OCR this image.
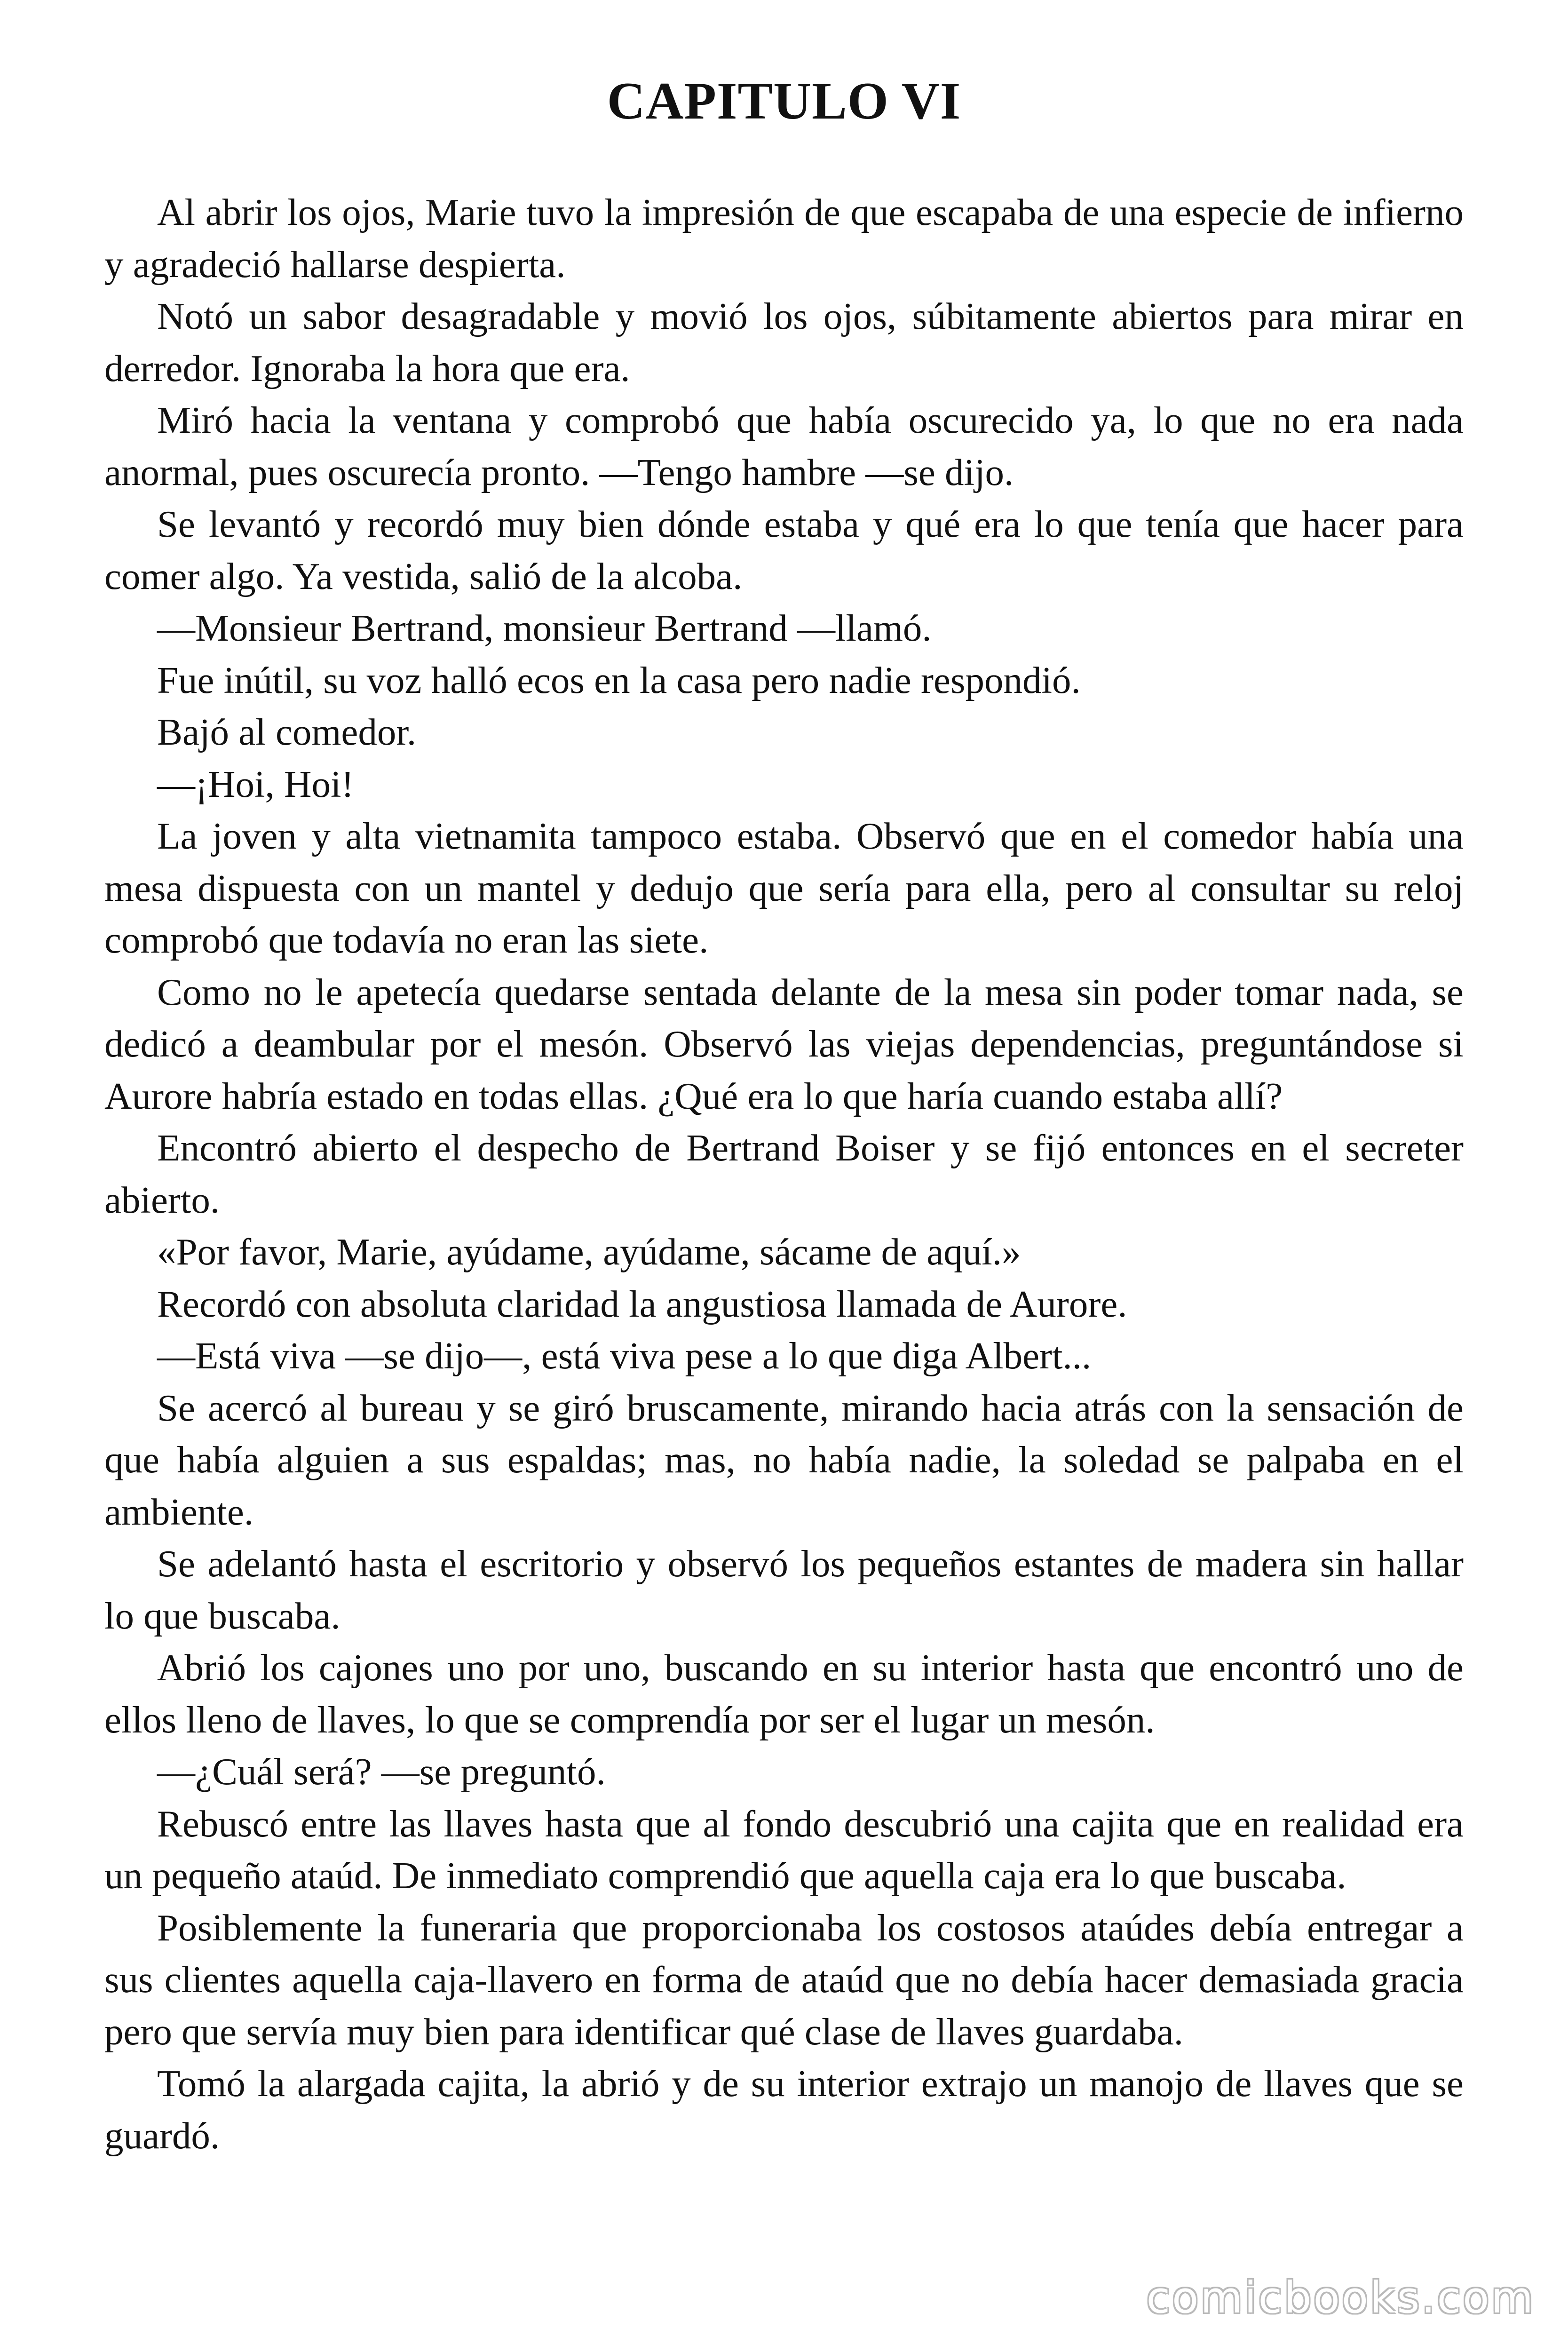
CAPITULO VI

Al abrir los ojos, Marie tuvo la impresión de que escapaba de una especie de infierno y agradeció hallarse despierta.

Notó un sabor desagradable y movió los ojos, súbitamente abiertos para mirar en derredor. Ignoraba la hora que era.

Miró hacia la ventana y comprobó que había oscurecido ya, lo que no era nada anormal, pues oscurecía pronto. —Tengo hambre —se dijo.

Se levantó y recordó muy bien dónde estaba y qué era lo que tenía que hacer para comer algo. Ya vestida, salió de la alcoba.

—Monsieur Bertrand, monsieur Bertrand —llamó.

Fue inútil, su voz halló ecos en la casa pero nadie respondió.

Bajó al comedor.

—¡Hoi, Hoi!

La joven y alta vietnamita tampoco estaba. Observó que en el comedor había una mesa dispuesta con un mantel y dedujo que sería para ella, pero al consultar su reloj comprobó que todavía no eran las siete.

Como no le apetecía quedarse sentada delante de la mesa sin poder tomar nada, se dedicó a deambular por el mesón. Observó las viejas dependencias, preguntándose si Aurore habría estado en todas ellas. ¿Qué era lo que haría cuando estaba allí?

Encontró abierto el despecho de Bertrand Boiser y se fijó entonces en el secreter abierto.

«Por favor, Marie, ayúdame, ayúdame, sácame de aquí.»

Recordó con absoluta claridad la angustiosa llamada de Aurore.

—Está viva —se dijo—, está viva pese a lo que diga Albert...

Se acercó al bureau y se giró bruscamente, mirando hacia atrás con la sensación de que había alguien a sus espaldas; mas, no había nadie, la soledad se palpaba en el ambiente.

Se adelantó hasta el escritorio y observó los pequeños estantes de madera sin hallar lo que buscaba.

Abrió los cajones uno por uno, buscando en su interior hasta que encontró uno de ellos lleno de llaves, lo que se comprendía por ser el lugar un mesón.

—¿Cuál será? —se preguntó.

Rebuscó entre las llaves hasta que al fondo descubrió una cajita que en realidad era un pequeño ataúd. De inmediato comprendió que aquella caja era lo que buscaba.

Posiblemente la funeraria que proporcionaba los costosos ataúdes debía entregar a sus clientes aquella caja-llavero en forma de ataúd que no debía hacer demasiada gracia pero que servía muy bien para identificar qué clase de llaves guardaba.

Tomó la alargada cajita, la abrió y de su interior extrajo un manojo de llaves que se guardó.

comicbooks.com
